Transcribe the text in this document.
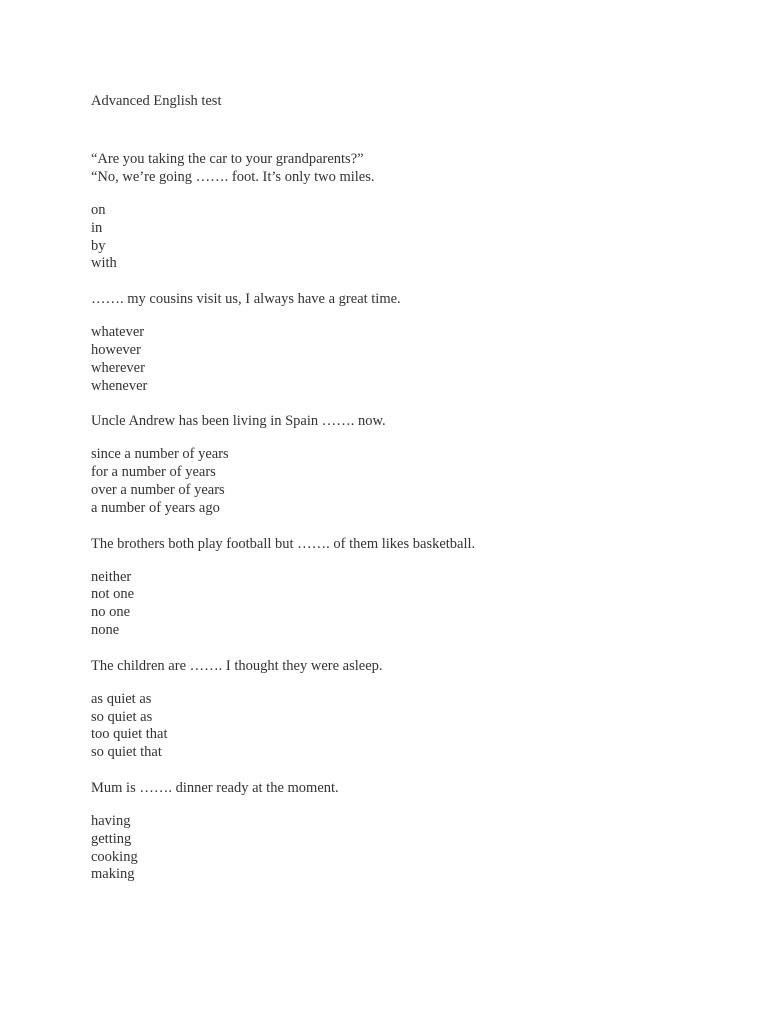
Advanced English test
“Are you taking the car to your grandparents?”
“No, we’re going ……. foot. It’s only two miles.
on
in
by
with
……. my cousins visit us, I always have a great time.
whatever
however
wherever
whenever
Uncle Andrew has been living in Spain ……. now.
since a number of years
for a number of years
over a number of years
a number of years ago
The brothers both play football but ……. of them likes basketball.
neither
not one
no one
none
The children are ……. I thought they were asleep.
as quiet as
so quiet as
too quiet that
so quiet that
Mum is ……. dinner ready at the moment.
having
getting
cooking
making
